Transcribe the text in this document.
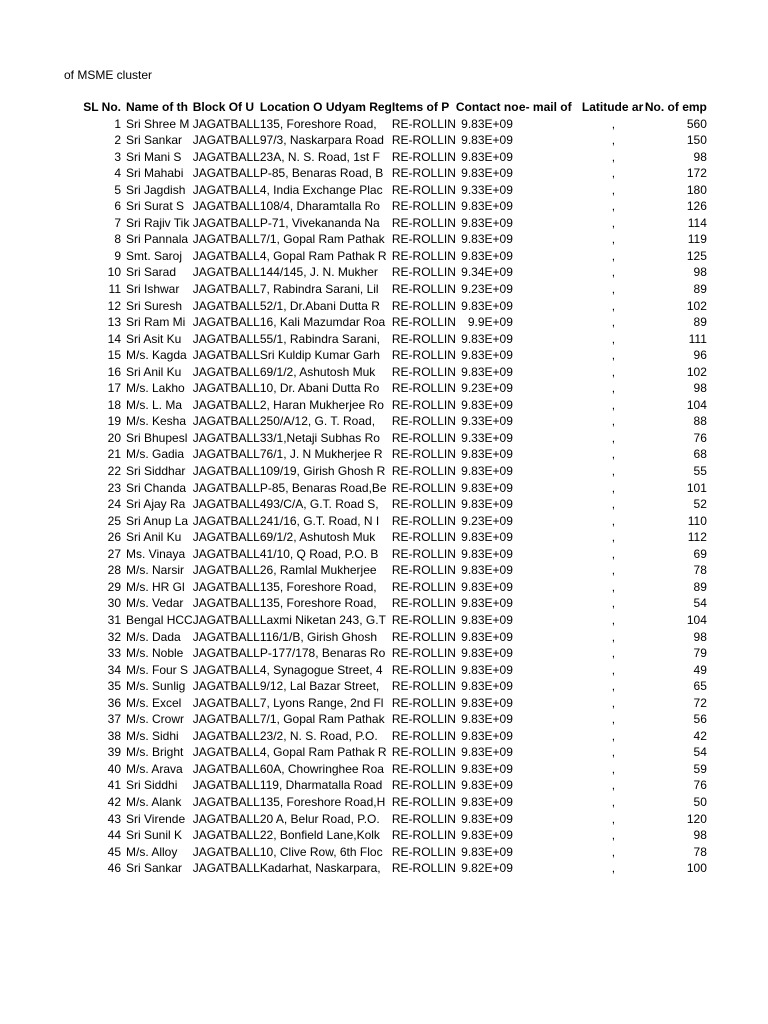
of MSME cluster
SL No.	Name of th	Block Of U	Location O Udyam Reg	Items of P	Contact no	e- mail of	Latitude ar	No. of emp
1	Sri Shree M	JAGATBALL	135, Foreshore Road,	RE-ROLLIN	9.83E+09		,	560
2	Sri Sankar	JAGATBALL	97/3, Naskarpara Road	RE-ROLLIN	9.83E+09		,	150
3	Sri Mani S	JAGATBALL	23A, N. S. Road, 1st F	RE-ROLLIN	9.83E+09		,	98
4	Sri Mahabi	JAGATBALL	P-85, Benaras Road, B	RE-ROLLIN	9.83E+09		,	172
5	Sri Jagdish	JAGATBALL	4, India Exchange Plac	RE-ROLLIN	9.33E+09		,	180
6	Sri Surat S	JAGATBALL	108/4, Dharamtalla Ro	RE-ROLLIN	9.83E+09		,	126
7	Sri Rajiv Tik	JAGATBALL	P-71, Vivekananda Na	RE-ROLLIN	9.83E+09		,	114
8	Sri Pannala	JAGATBALL	7/1, Gopal Ram Pathak	RE-ROLLIN	9.83E+09		,	119
9	Smt. Saroj	JAGATBALL	4, Gopal Ram Pathak R	RE-ROLLIN	9.83E+09		,	125
10	Sri Sarad	JAGATBALL	144/145, J. N. Mukher	RE-ROLLIN	9.34E+09		,	98
11	Sri Ishwar	JAGATBALL	7, Rabindra Sarani, Lil	RE-ROLLIN	9.23E+09		,	89
12	Sri Suresh	JAGATBALL	52/1, Dr.Abani Dutta R	RE-ROLLIN	9.83E+09		,	102
13	Sri Ram Mi	JAGATBALL	16, Kali Mazumdar Roa	RE-ROLLIN	9.9E+09		,	89
14	Sri Asit Ku	JAGATBALL	55/1, Rabindra Sarani,	RE-ROLLIN	9.83E+09		,	111
15	M/s. Kagda	JAGATBALL	Sri Kuldip Kumar Garh	RE-ROLLIN	9.83E+09		,	96
16	Sri Anil Ku	JAGATBALL	69/1/2, Ashutosh Muk	RE-ROLLIN	9.83E+09		,	102
17	M/s. Lakho	JAGATBALL	10, Dr. Abani Dutta Ro	RE-ROLLIN	9.23E+09		,	98
18	M/s. L. Ma	JAGATBALL	2, Haran Mukherjee Ro	RE-ROLLIN	9.83E+09		,	104
19	M/s. Kesha	JAGATBALL	250/A/12, G. T. Road,	RE-ROLLIN	9.33E+09		,	88
20	Sri Bhupesl	JAGATBALL	33/1,Netaji Subhas Ro	RE-ROLLIN	9.33E+09		,	76
21	M/s. Gadia	JAGATBALL	76/1, J. N Mukherjee R	RE-ROLLIN	9.83E+09		,	68
22	Sri Siddhar	JAGATBALL	109/19, Girish Ghosh R	RE-ROLLIN	9.83E+09		,	55
23	Sri Chanda	JAGATBALL	P-85, Benaras Road,Be	RE-ROLLIN	9.83E+09		,	101
24	Sri Ajay Ra	JAGATBALL	493/C/A, G.T. Road S,	RE-ROLLIN	9.83E+09		,	52
25	Sri Anup La	JAGATBALL	241/16, G.T. Road, N I	RE-ROLLIN	9.23E+09		,	110
26	Sri Anil Ku	JAGATBALL	69/1/2, Ashutosh Muk	RE-ROLLIN	9.83E+09		,	112
27	Ms. Vinaya	JAGATBALL	41/10, Q Road, P.O. B	RE-ROLLIN	9.83E+09		,	69
28	M/s. Narsir	JAGATBALL	26, Ramlal Mukherjee	RE-ROLLIN	9.83E+09		,	78
29	M/s. HR Gl	JAGATBALL	135, Foreshore Road,	RE-ROLLIN	9.83E+09		,	89
30	M/s. Vedar	JAGATBALL	135, Foreshore Road,	RE-ROLLIN	9.83E+09		,	54
31	Bengal HCC	JAGATBALL	Laxmi Niketan 243, G.T	RE-ROLLIN	9.83E+09		,	104
32	M/s. Dada	JAGATBALL	116/1/B, Girish Ghosh	RE-ROLLIN	9.83E+09		,	98
33	M/s. Noble	JAGATBALL	P-177/178, Benaras Ro	RE-ROLLIN	9.83E+09		,	79
34	M/s. Four S	JAGATBALL	4, Synagogue Street, 4	RE-ROLLIN	9.83E+09		,	49
35	M/s. Sunlig	JAGATBALL	9/12, Lal Bazar Street,	RE-ROLLIN	9.83E+09		,	65
36	M/s. Excel	JAGATBALL	7, Lyons Range, 2nd Fl	RE-ROLLIN	9.83E+09		,	72
37	M/s. Crowr	JAGATBALL	7/1, Gopal Ram Pathak	RE-ROLLIN	9.83E+09		,	56
38	M/s. Sidhi	JAGATBALL	23/2, N. S. Road, P.O.	RE-ROLLIN	9.83E+09		,	42
39	M/s. Bright	JAGATBALL	4, Gopal Ram Pathak R	RE-ROLLIN	9.83E+09		,	54
40	M/s. Arava	JAGATBALL	60A, Chowringhee Roa	RE-ROLLIN	9.83E+09		,	59
41	Sri Siddhi	JAGATBALL	119, Dharmatalla Road	RE-ROLLIN	9.83E+09		,	76
42	M/s. Alank	JAGATBALL	135, Foreshore Road,H	RE-ROLLIN	9.83E+09		,	50
43	Sri Virende	JAGATBALL	20 A, Belur Road, P.O.	RE-ROLLIN	9.83E+09		,	120
44	Sri Sunil K	JAGATBALL	22, Bonfield Lane,Kolk	RE-ROLLIN	9.83E+09		,	98
45	M/s. Alloy	JAGATBALL	10, Clive Row, 6th Floc	RE-ROLLIN	9.83E+09		,	78
46	Sri Sankar	JAGATBALL	Kadarhat, Naskarpara,	RE-ROLLIN	9.82E+09		,	100
